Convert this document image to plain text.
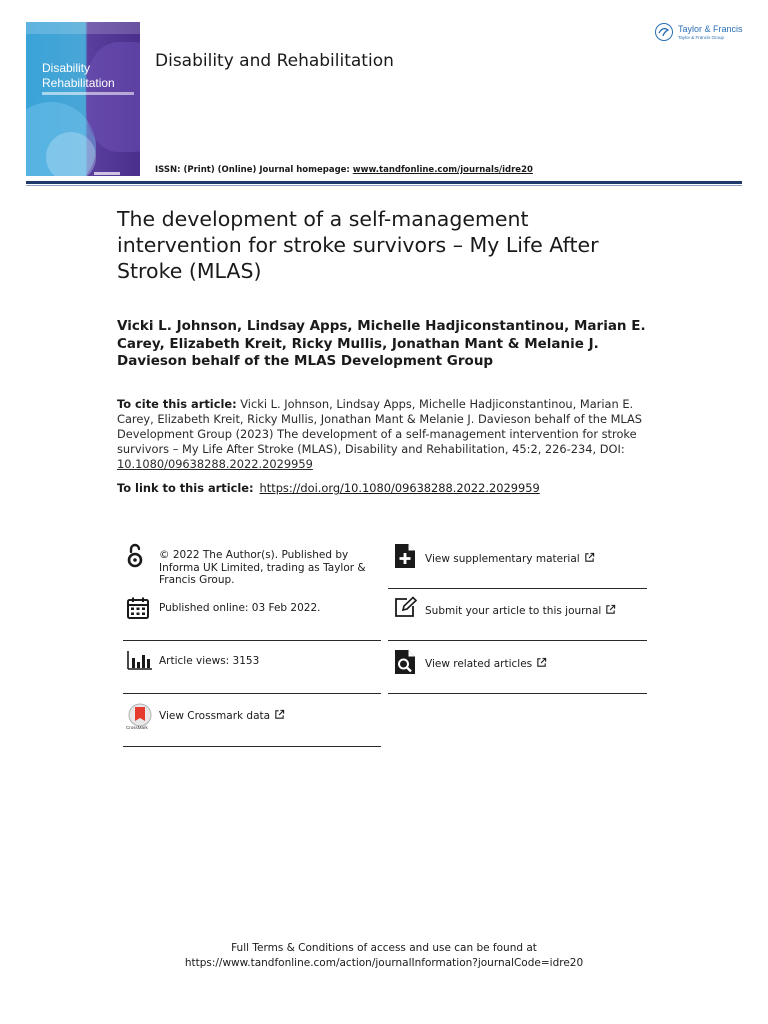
Disability
Rehabilitation
Disability and Rehabilitation
ISSN: (Print) (Online) Journal homepage: www.tandfonline.com/journals/idre20
Taylor & Francis
Taylor & Francis Group
The development of a self-management intervention for stroke survivors – My Life After Stroke (MLAS)
Vicki L. Johnson, Lindsay Apps, Michelle Hadjiconstantinou, Marian E. Carey, Elizabeth Kreit, Ricky Mullis, Jonathan Mant & Melanie J. Davieson behalf of the MLAS Development Group
To cite this article: Vicki L. Johnson, Lindsay Apps, Michelle Hadjiconstantinou, Marian E. Carey, Elizabeth Kreit, Ricky Mullis, Jonathan Mant & Melanie J. Davieson behalf of the MLAS Development Group (2023) The development of a self-management intervention for stroke survivors – My Life After Stroke (MLAS), Disability and Rehabilitation, 45:2, 226-234, DOI: 10.1080/09638288.2022.2029959
To link to this article: https://doi.org/10.1080/09638288.2022.2029959
© 2022 The Author(s). Published by Informa UK Limited, trading as Taylor & Francis Group.
Published online: 03 Feb 2022.
Article views: 3153
CrossMark
View Crossmark data
View supplementary material
Submit your article to this journal
View related articles
Full Terms & Conditions of access and use can be found at
https://www.tandfonline.com/action/journalInformation?journalCode=idre20
